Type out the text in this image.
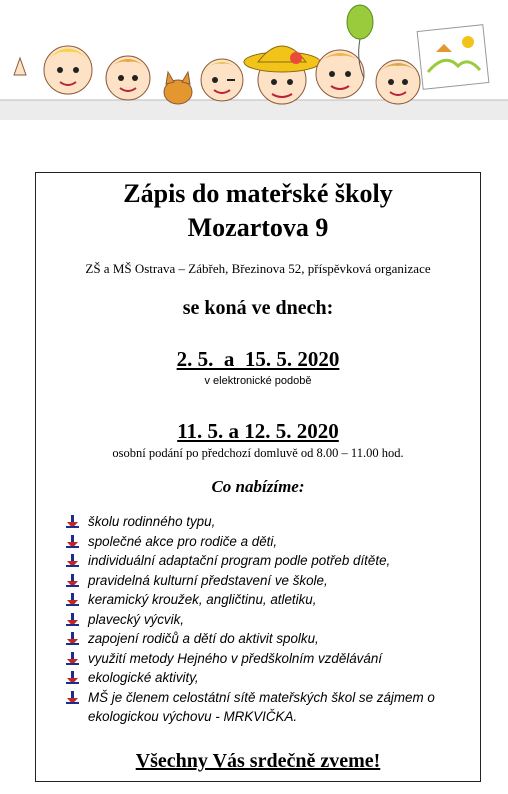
Zápis do mateřské školy
Mozartova 9
ZŠ a MŠ Ostrava – Zábřeh, Březinova 52, příspěvková organizace
se koná ve dnech:
2. 5.  a  15. 5. 2020
v elektronické podobě
11. 5. a 12. 5. 2020
osobní podání po předchozí domluvě od 8.00 – 11.00 hod.
Co nabízíme:
školu rodinného typu,
společné akce pro rodiče a děti,
individuální adaptační program podle potřeb dítěte,
pravidelná kulturní představení ve škole,
keramický kroužek, angličtinu, atletiku,
plavecký výcvik,
zapojení rodičů a dětí do aktivit spolku,
využití metody Hejného v předškolním vzdělávání
ekologické aktivity,
MŠ je členem celostátní sítě mateřských škol se zájmem o ekologickou výchovu - MRKVIČKA.
Všechny Vás srdečně zveme!
